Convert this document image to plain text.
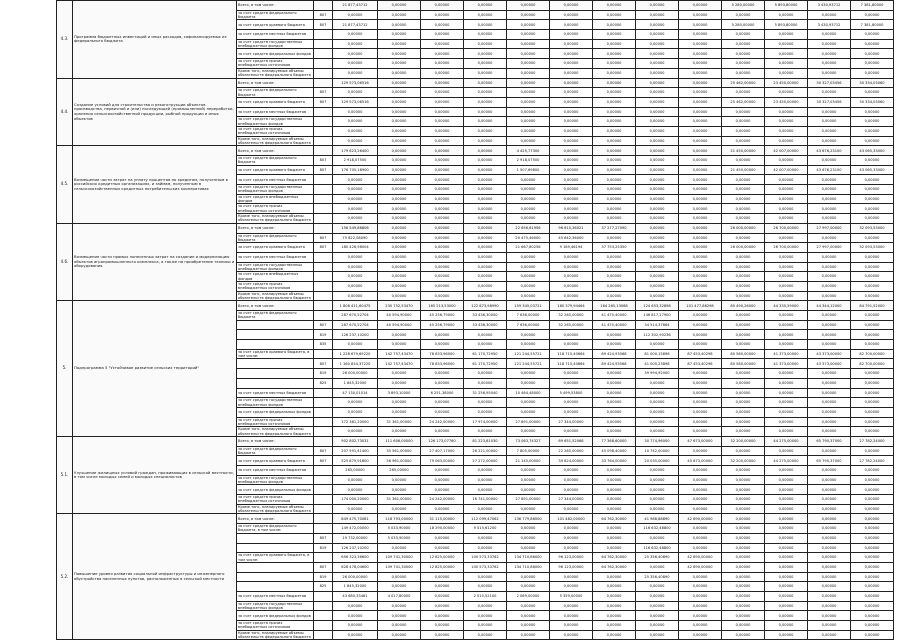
4.3.	Программа бюджетных инвестиций и иных расходов, софинансируемых из федерального бюджета	Всего, в том числе:		21 877,43712	0,00000	0,00000	0,00000	0,00000	0,00000	0,00000	0,00000	0,00000	5 280,00000	5 893,80000	3 430,93712	7 381,80000
		за счет средств федерального бюджета	807	0,00000	0,00000	0,00000	0,00000	0,00000	0,00000	0,00000	0,00000	0,00000	0,00000	0,00000	0,00000	0,00000
		за счет средств краевого бюджета	807	21 877,43712	0,00000	0,00000	0,00000	0,00000	0,00000	0,00000	0,00000	0,00000	5 280,00000	5 893,80000	3 430,93712	7 381,80000
		за счет средств местных бюджетов		0,00000	0,00000	0,00000	0,00000	0,00000	0,00000	0,00000	0,00000	0,00000	0,00000	0,00000	0,00000	0,00000
		за счет средств государственных внебюджетных фондов		0,00000	0,00000	0,00000	0,00000	0,00000	0,00000	0,00000	0,00000	0,00000	0,00000	0,00000	0,00000	0,00000
		за счет средств федеральных фондов		0,00000	0,00000	0,00000	0,00000	0,00000	0,00000	0,00000	0,00000	0,00000	0,00000	0,00000	0,00000	0,00000
		за счет средств прочих внебюджетных источников		0,00000	0,00000	0,00000	0,00000	0,00000	0,00000	0,00000	0,00000	0,00000	0,00000	0,00000	0,00000	0,00000
		Кроме того, планируемые объемы обязательств федерального бюджета		0,00000	0,00000	0,00000	0,00000	0,00000	0,00000	0,00000	0,00000	0,00000	0,00000	0,00000	0,00000	0,00000
4.4.	Создание условий для строительства и реконструкции объектов производства, первичной и (или) последующей (промышленной) переработки, хранения сельскохозяйственной продукции, рыбной продукции и иных объектов	Всего, в том числе:		129 573,06516	0,00000	0,00000	0,00000	0,00000	0,00000	0,00000	0,00000	0,00000	25 462,00000	23 450,00000	30 327,03456	30 334,03060
		за счет средств федерального бюджета	807	0,00000	0,00000	0,00000	0,00000	0,00000	0,00000	0,00000	0,00000	0,00000	0,00000	0,00000	0,00000	0,00000
		за счет средств краевого бюджета	807	129 573,06516	0,00000	0,00000	0,00000	0,00000	0,00000	0,00000	0,00000	0,00000	25 462,00000	23 450,00000	30 327,03456	30 334,03060
		за счет средств местных бюджетов		0,00000	0,00000	0,00000	0,00000	0,00000	0,00000	0,00000	0,00000	0,00000	0,00000	0,00000	0,00000	0,00000
		за счет средств государственных внебюджетных фондов		0,00000	0,00000	0,00000	0,00000	0,00000	0,00000	0,00000	0,00000	0,00000	0,00000	0,00000	0,00000	0,00000
		за счет средств прочих внебюджетных источников		0,00000	0,00000	0,00000	0,00000	0,00000	0,00000	0,00000	0,00000	0,00000	0,00000	0,00000	0,00000	0,00000
		Кроме того, планируемые объемы обязательств федерального бюджета		0,00000	0,00000	0,00000	0,00000	0,00000	0,00000	0,00000	0,00000	0,00000	0,00000	0,00000	0,00000	0,00000
4.5.	Возмещение части затрат на уплату процентов по кредитам, полученным в российских кредитных организациях, и займам, полученным в сельскохозяйственных кредитных потребительских кооперативах	Всего, в том числе:		179 623,26400	0,00000	0,00000	0,00000	4 425,77300	0,00000	0,00000	0,00000	0,00000	21 450,00000	42 007,00000	43 676,23100	43 065,33000
		за счет средств федерального бюджета	807	2 918,07500	0,00000	0,00000	0,00000	2 918,07500	0,00000	0,00000	0,00000	0,00000	0,00000	0,00000	0,00000	0,00000
		за счет средств краевого бюджета	807	176 705,18900	0,00000	0,00000	0,00000	1 507,69800	0,00000	0,00000	0,00000	0,00000	21 450,00000	42 007,00000	43 676,23100	43 065,33000
		за счет средств местных бюджетов		0,00000	0,00000	0,00000	0,00000	0,00000	0,00000	0,00000	0,00000	0,00000	0,00000	0,00000	0,00000	0,00000
		за счет средств государственных внебюджетных фондов		0,00000	0,00000	0,00000	0,00000	0,00000	0,00000	0,00000	0,00000	0,00000	0,00000	0,00000	0,00000	0,00000
		за счет средств внебюджетных фондов		0,00000	0,00000	0,00000	0,00000	0,00000	0,00000	0,00000	0,00000	0,00000	0,00000	0,00000	0,00000	0,00000
		за счет средств прочих внебюджетных источников		0,00000	0,00000	0,00000	0,00000	0,00000	0,00000	0,00000	0,00000	0,00000	0,00000	0,00000	0,00000	0,00000
		Кроме того, планируемые объемы обязательств федерального бюджета		0,00000	0,00000	0,00000	0,00000	0,00000	0,00000	0,00000	0,00000	0,00000	0,00000	0,00000	0,00000	0,00000
4.6.	Возмещение части прямых понесенных затрат на создание и модернизацию объектов агропромышленного комплекса, а также на приобретение техники и оборудования	Всего, в том числе:		156 549,86806	0,00000	0,00000	0,00000	22 656,61956	96 615,36021	37 277,27090	0,00000	0,00000	26 000,00000	26 700,00000	27 997,00000	32 093,53000
		за счет средств федерального бюджета	807	75 622,08090	0,00000	0,00000	0,00000	20 475,46000	45 642,36000	0,00000	0,00000	0,00000	0,00000	0,00000	0,00000	0,00000
		за счет средств краевого бюджета	807	180 426,98004	0,00000	0,00000	0,00000	21 667,80256	9 189,46194	37 753,25350	0,00000	0,00000	26 000,00000	26 700,00000	27 997,00000	32 093,53000
		за счет средств местных бюджетов		0,00000	0,00000	0,00000	0,00000	0,00000	0,00000	0,00000	0,00000	0,00000	0,00000	0,00000	0,00000	0,00000
		за счет средств государственных внебюджетных фондов		0,00000	0,00000	0,00000	0,00000	0,00000	0,00000	0,00000	0,00000	0,00000	0,00000	0,00000	0,00000	0,00000
		за счет средств внебюджетных фондов		0,00000	0,00000	0,00000	0,00000	0,00000	0,00000	0,00000	0,00000	0,00000	0,00000	0,00000	0,00000	0,00000
		за счет средств прочих внебюджетных источников		0,00000	0,00000	0,00000	0,00000	0,00000	0,00000	0,00000	0,00000	0,00000	0,00000	0,00000	0,00000	0,00000
		Кроме того, планируемые объемы обязательств федерального бюджета		0,00000	0,00000	0,00000	0,00000	0,00000	0,00000	0,00000	0,00000	0,00000	0,00000	0,00000	0,00000	0,00000
5.	Подпрограмма 5 "Устойчивое развитие сельских территорий"	Всего, в том числе:		1 808 411,60475	230 752,53470	165 213,53000	122 873,98990	159 345,03721	180 379,94464	164 265,13068	124 653,32898	101 477,86298	85 490,26000	44 335,59000	44 344,12000	84 791,52000
		за счет средств федерального бюджета		287 670,52704	40 594,90000	45 256,79000	33 436,30000	7 636,00000	32 265,00000	41 470,40000	146 817,27900	0,00000	0,00000	0,00000	0,00000	0,00000
			807	287 670,52704	40 594,90000	45 256,79000	33 436,30000	7 636,00000	32 265,00000	41 470,40000	34 514,37664	0,00000	0,00000	0,00000	0,00000	0,00000
			819	126 237,10200	0,00000	0,00000	0,00000	0,00000	0,00000	0,00000	112 302,90236	0,00000	0,00000	0,00000	0,00000	0,00000
			835	0,00000	0,00000	0,00000	0,00000	0,00000	0,00000	0,00000	0,00000	0,00000	0,00000	0,00000	0,00000	0,00000
		за счет средств краевого бюджета, в том числе:		1 228 679,69220	142 757,43470	78 633,96000	61 170,72950	121 244,55721	118 715,40664	89 424,93568	81 000,15898	87 453,40298	80 580,00000	41 373,00000	43 373,00000	82 700,00000
			807	1 160 834,37220	142 757,43470	78 633,96000	61 170,72950	121 244,55721	118 715,40664	89 424,93568	41 005,23898	87 453,40298	80 580,00000	41 373,00000	43 373,00000	82 700,00000
			819	26 000,00000	0,00000	0,00000	0,00000	0,00000	0,00000	0,00000	39 994,92000	0,00000	0,00000	0,00000	0,00000	0,00000
			825	1 845,32000	0,00000	0,00000	0,00000	0,00000	0,00000	0,00000	0,00000	0,00000	0,00000	0,00000	0,00000	0,00000
		за счет средств местных бюджетов		47 130,01014	3 893,10000	6 251,38000	31 256,95040	10 464,48000	5 499,53800	0,00000	0,00000	0,00000	0,00000	0,00000	0,00000	0,00000
		за счет средств государственных внебюджетных фондов		0,00000	0,00000	0,00000	0,00000	0,00000	0,00000	0,00000	0,00000	0,00000	0,00000	0,00000	0,00000	0,00000
		за счет средств федеральных фондов		0,00000	0,00000	0,00000	0,00000	0,00000	0,00000	0,00000	0,00000	0,00000	0,00000	0,00000	0,00000	0,00000
		за счет средств прочих внебюджетных источников		172 381,20000	31 361,00000	24 242,00000	17 974,00000	27 891,00000	27 344,00000	0,00000	0,00000	0,00000	0,00000	0,00000	0,00000	0,00000
		Кроме того, планируемые объемы обязательств федерального бюджета		0,00000	0,00000	0,00000	0,00000	0,00000	0,00000	0,00000	0,00000	0,00000	0,00000	0,00000	0,00000	0,00000
5.1.	Улучшение жилищных условий граждан, проживающих в сельской местности, в том числе молодых семей и молодых специалистов	Всего, в том числе:		902 802,73031	111 606,00000	126 173,07760	81 223,61030	73 063,74327	69 651,52068	77 368,60000	30 774,96000	47 673,00000	32 200,00000	44 275,00000	65 790,37000	27 782,24000
		за счет средств федерального бюджета	807	207 591,41400	35 561,00000	27 407,17000	26 221,00000	7 805,00000	22 265,00000	45 098,40000	10 742,00000	0,00000	0,00000	0,00000	0,00000	0,00000
		за счет средств краевого бюджета	807	525 879,91800	56 961,00000	79 063,00000	27 272,00000	21 145,00000	39 824,00000	33 764,00000	20 035,00000	45 673,00000	32 200,00000	44 275,00000	65 790,37000	27 782,24000
		за счет средств местных бюджетов		265,00000	265,00000	0,00000	0,00000	0,00000	0,00000	0,00000	0,00000	0,00000	0,00000	0,00000	0,00000	0,00000
		за счет средств государственных внебюджетных фондов		0,00000	0,00000	0,00000	0,00000	0,00000	0,00000	0,00000	0,00000	0,00000	0,00000	0,00000	0,00000	0,00000
		за счет средств федеральных фондов		0,00000	0,00000	0,00000	0,00000	0,00000	0,00000	0,00000	0,00000	0,00000	0,00000	0,00000	0,00000	0,00000
		за счет средств прочих внебюджетных источников		174 000,20000	31 361,00000	24 242,00000	16 741,00000	27 891,00000	27 344,00000	0,00000	0,00000	0,00000	0,00000	0,00000	0,00000	0,00000
		Кроме того, планируемые объемы обязательств федерального бюджета		0,00000	0,00000	0,00000	0,00000	0,00000	0,00000	0,00000	0,00000	0,00000	0,00000	0,00000	0,00000	0,00000
5.2.	Повышение уровня развития социальной инфраструктуры и инженерного обустройства населенных пунктов, расположенных в сельской местности	Всего, в том числе:		849 475,70081	118 793,00000	31 115,00000	112 099,47062	136 779,86000	101 482,00000	64 762,30000	41 988,88890	42 890,00000	0,00000	0,00000	0,00000	0,00000
		за счет средств федерального бюджета, в том числе:		149 472,00000	5 033,90000	18 290,00000	9 515,61200	0,00000	0,00000	0,00000	116 632,48800	0,00000	0,00000	0,00000	0,00000	0,00000
			807	19 732,00000	5 033,90000	0,00000	0,00000	0,00000	0,00000	0,00000	0,00000	0,00000	0,00000	0,00000	0,00000	0,00000
			819	126 237,10200	0,00000	0,00000	0,00000	0,00000	0,00000	0,00000	116 632,48800	0,00000	0,00000	0,00000	0,00000	0,00000
		за счет средств краевого бюджета, в том числе:		656 323,36600	109 741,30000	12 825,00000	100 573,33762	134 710,86000	96 123,00000	64 762,30000	25 356,40890	42 890,00000	0,00000	0,00000	0,00000	0,00000
			807	628 478,04600	109 741,30000	12 825,00000	100 573,33762	134 710,86000	96 123,00000	64 762,30000	0,00000	42 890,00000	0,00000	0,00000	0,00000	0,00000
			819	26 000,00000	0,00000	0,00000	0,00000	0,00000	0,00000	0,00000	25 356,40890	0,00000	0,00000	0,00000	0,00000	0,00000
			825	1 845,32000	0,00000	0,00000	0,00000	0,00000	0,00000	0,00000	0,00000	0,00000	0,00000	0,00000	0,00000	0,00000
		за счет средств местных бюджетов		43 680,33481	4 017,80000	0,00000	2 010,52100	2 069,00000	5 359,00000	0,00000	0,00000	0,00000	0,00000	0,00000	0,00000	0,00000
		за счет средств государственных внебюджетных фондов		0,00000	0,00000	0,00000	0,00000	0,00000	0,00000	0,00000	0,00000	0,00000	0,00000	0,00000	0,00000	0,00000
		за счет средств федеральных фондов		0,00000	0,00000	0,00000	0,00000	0,00000	0,00000	0,00000	0,00000	0,00000	0,00000	0,00000	0,00000	0,00000
		за счет средств прочих внебюджетных источников		0,00000	0,00000	0,00000	0,00000	0,00000	0,00000	0,00000	0,00000	0,00000	0,00000	0,00000	0,00000	0,00000
		Кроме того, планируемые объемы обязательств федерального бюджета		0,00000	0,00000	0,00000	0,00000	0,00000	0,00000	0,00000	0,00000	0,00000	0,00000	0,00000	0,00000	0,00000
